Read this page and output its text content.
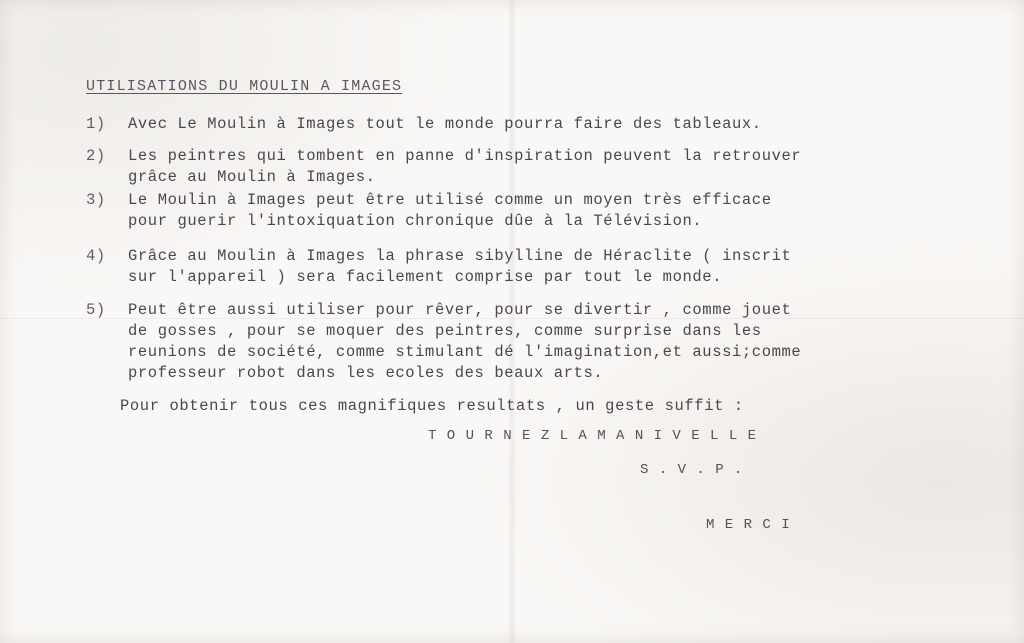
UTILISATIONS DU MOULIN A IMAGES
1) Avec Le Moulin à Images tout le monde pourra faire des tableaux.
2) Les peintres qui tombent en panne d'inspiration peuvent la retrouver
grâce au Moulin à Images.
3) Le Moulin à Images peut être utilisé comme un moyen très efficace
pour guerir l'intoxiquation chronique dûe à la Télévision.
4) Grâce au Moulin à Images la phrase sibylline de Héraclite ( inscrit
sur l'appareil ) sera facilement comprise par tout le monde.
5) Peut être aussi utiliser pour rêver, pour se divertir , comme jouet
de gosses , pour se moquer des peintres, comme surprise dans les
reunions de société, comme stimulant dé l'imagination,et aussi;comme
professeur robot dans les ecoles des beaux arts.
Pour obtenir tous ces magnifiques resultats , un geste suffit :
T O U R N E Z L A M A N I V E L L E
S . V . P .
M E R C I
